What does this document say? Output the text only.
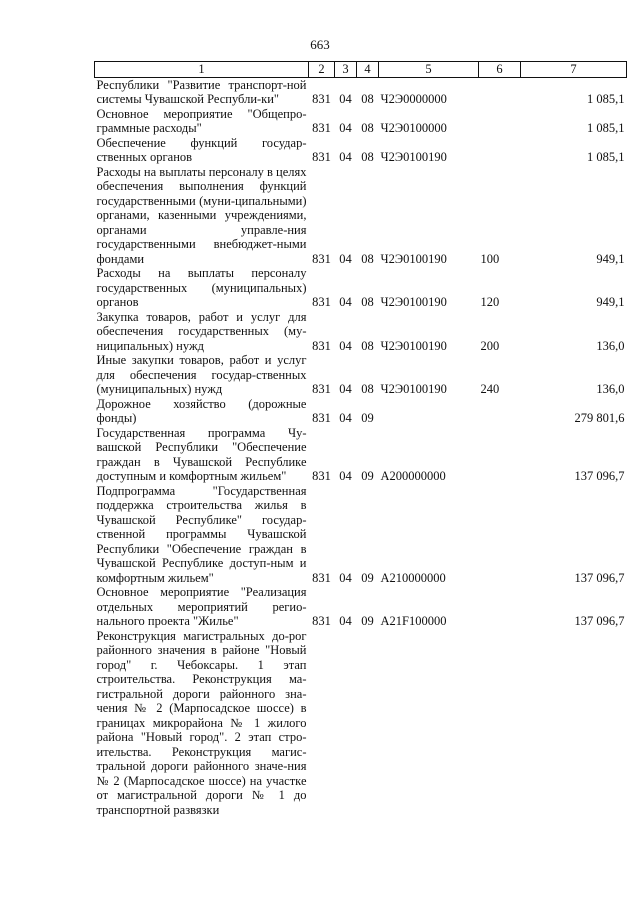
663
1	2	3	4	5	6	7
Республики "Развитие транспорт-ной системы Чувашской Республи-ки"	831	04	08	Ч2Э0000000		1 085,1
Основное мероприятие "Общепро-граммные расходы"	831	04	08	Ч2Э0100000		1 085,1
Обеспечение функций государ-ственных органов	831	04	08	Ч2Э0100190		1 085,1
Расходы на выплаты персоналу в целях обеспечения выполнения функций государственными (муни-ципальными) органами, казенными учреждениями, органами управле-ния государственными внебюджет-ными фондами	831	04	08	Ч2Э0100190	100	949,1
Расходы на выплаты персоналу государственных (муниципальных) органов	831	04	08	Ч2Э0100190	120	949,1
Закупка товаров, работ и услуг для обеспечения государственных (му-ниципальных) нужд	831	04	08	Ч2Э0100190	200	136,0
Иные закупки товаров, работ и услуг для обеспечения государ-ственных (муниципальных) нужд	831	04	08	Ч2Э0100190	240	136,0
Дорожное хозяйство (дорожные фонды)	831	04	09			279 801,6
Государственная программа Чу-вашской Республики "Обеспечение граждан в Чувашской Республике доступным и комфортным жильем"	831	04	09	А200000000		137 096,7
Подпрограмма "Государственная поддержка строительства жилья в Чувашской Республике" государ-ственной программы Чувашской Республики "Обеспечение граждан в Чувашской Республике доступ-ным и комфортным жильем"	831	04	09	А210000000		137 096,7
Основное мероприятие "Реализация отдельных мероприятий регио-нального проекта "Жилье"	831	04	09	А21F100000		137 096,7
Реконструкция магистральных до-рог районного значения в районе "Новый город" г. Чебоксары. 1 этап строительства. Реконструкция ма-гистральной дороги районного зна-чения № 2 (Марпосадское шоссе) в границах микрорайона № 1 жилого района "Новый город". 2 этап стро-ительства. Реконструкция магис-тральной дороги районного значе-ния № 2 (Марпосадское шоссе) на участке от магистральной дороги № 1 до транспортной развязки						
